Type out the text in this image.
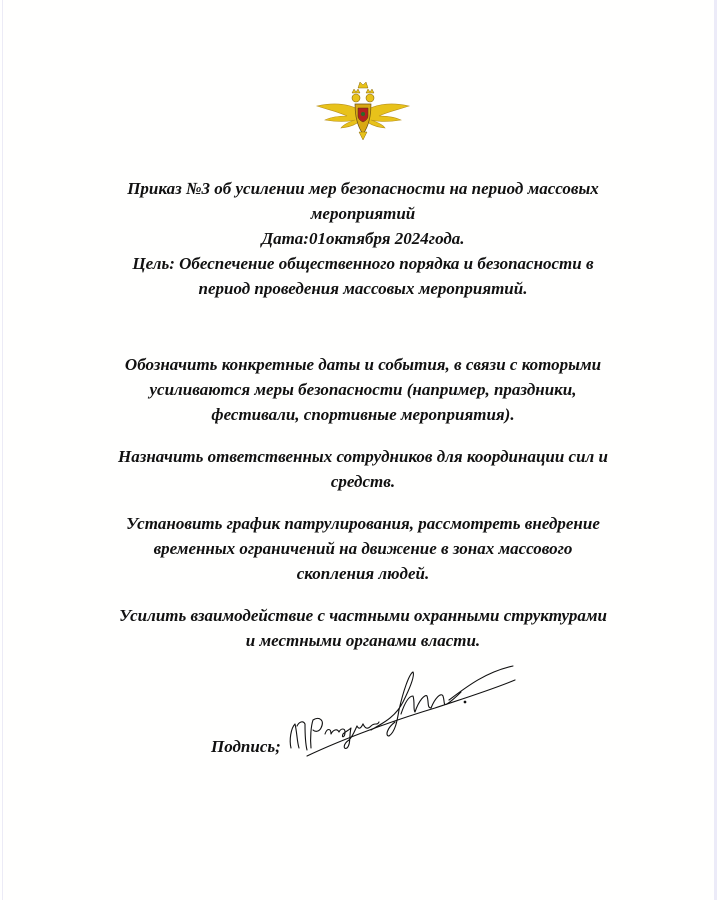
Приказ №3 об усилении мер безопасности на период массовых
мероприятий
Дата:01октября 2024года.
Цель: Обеспечение общественного порядка и безопасности в
период проведения массовых мероприятий.
Обозначить конкретные даты и события, в связи с которыми
усиливаются меры безопасности (например, праздники,
фестивали, спортивные мероприятия).
Назначить ответственных сотрудников для координации сил и
средств.
Установить график патрулирования, рассмотреть внедрение
временных ограничений на движение в зонах массового
скопления людей.
Усилить взаимодействие с частными охранными структурами
и местными органами власти.
Подпись;
